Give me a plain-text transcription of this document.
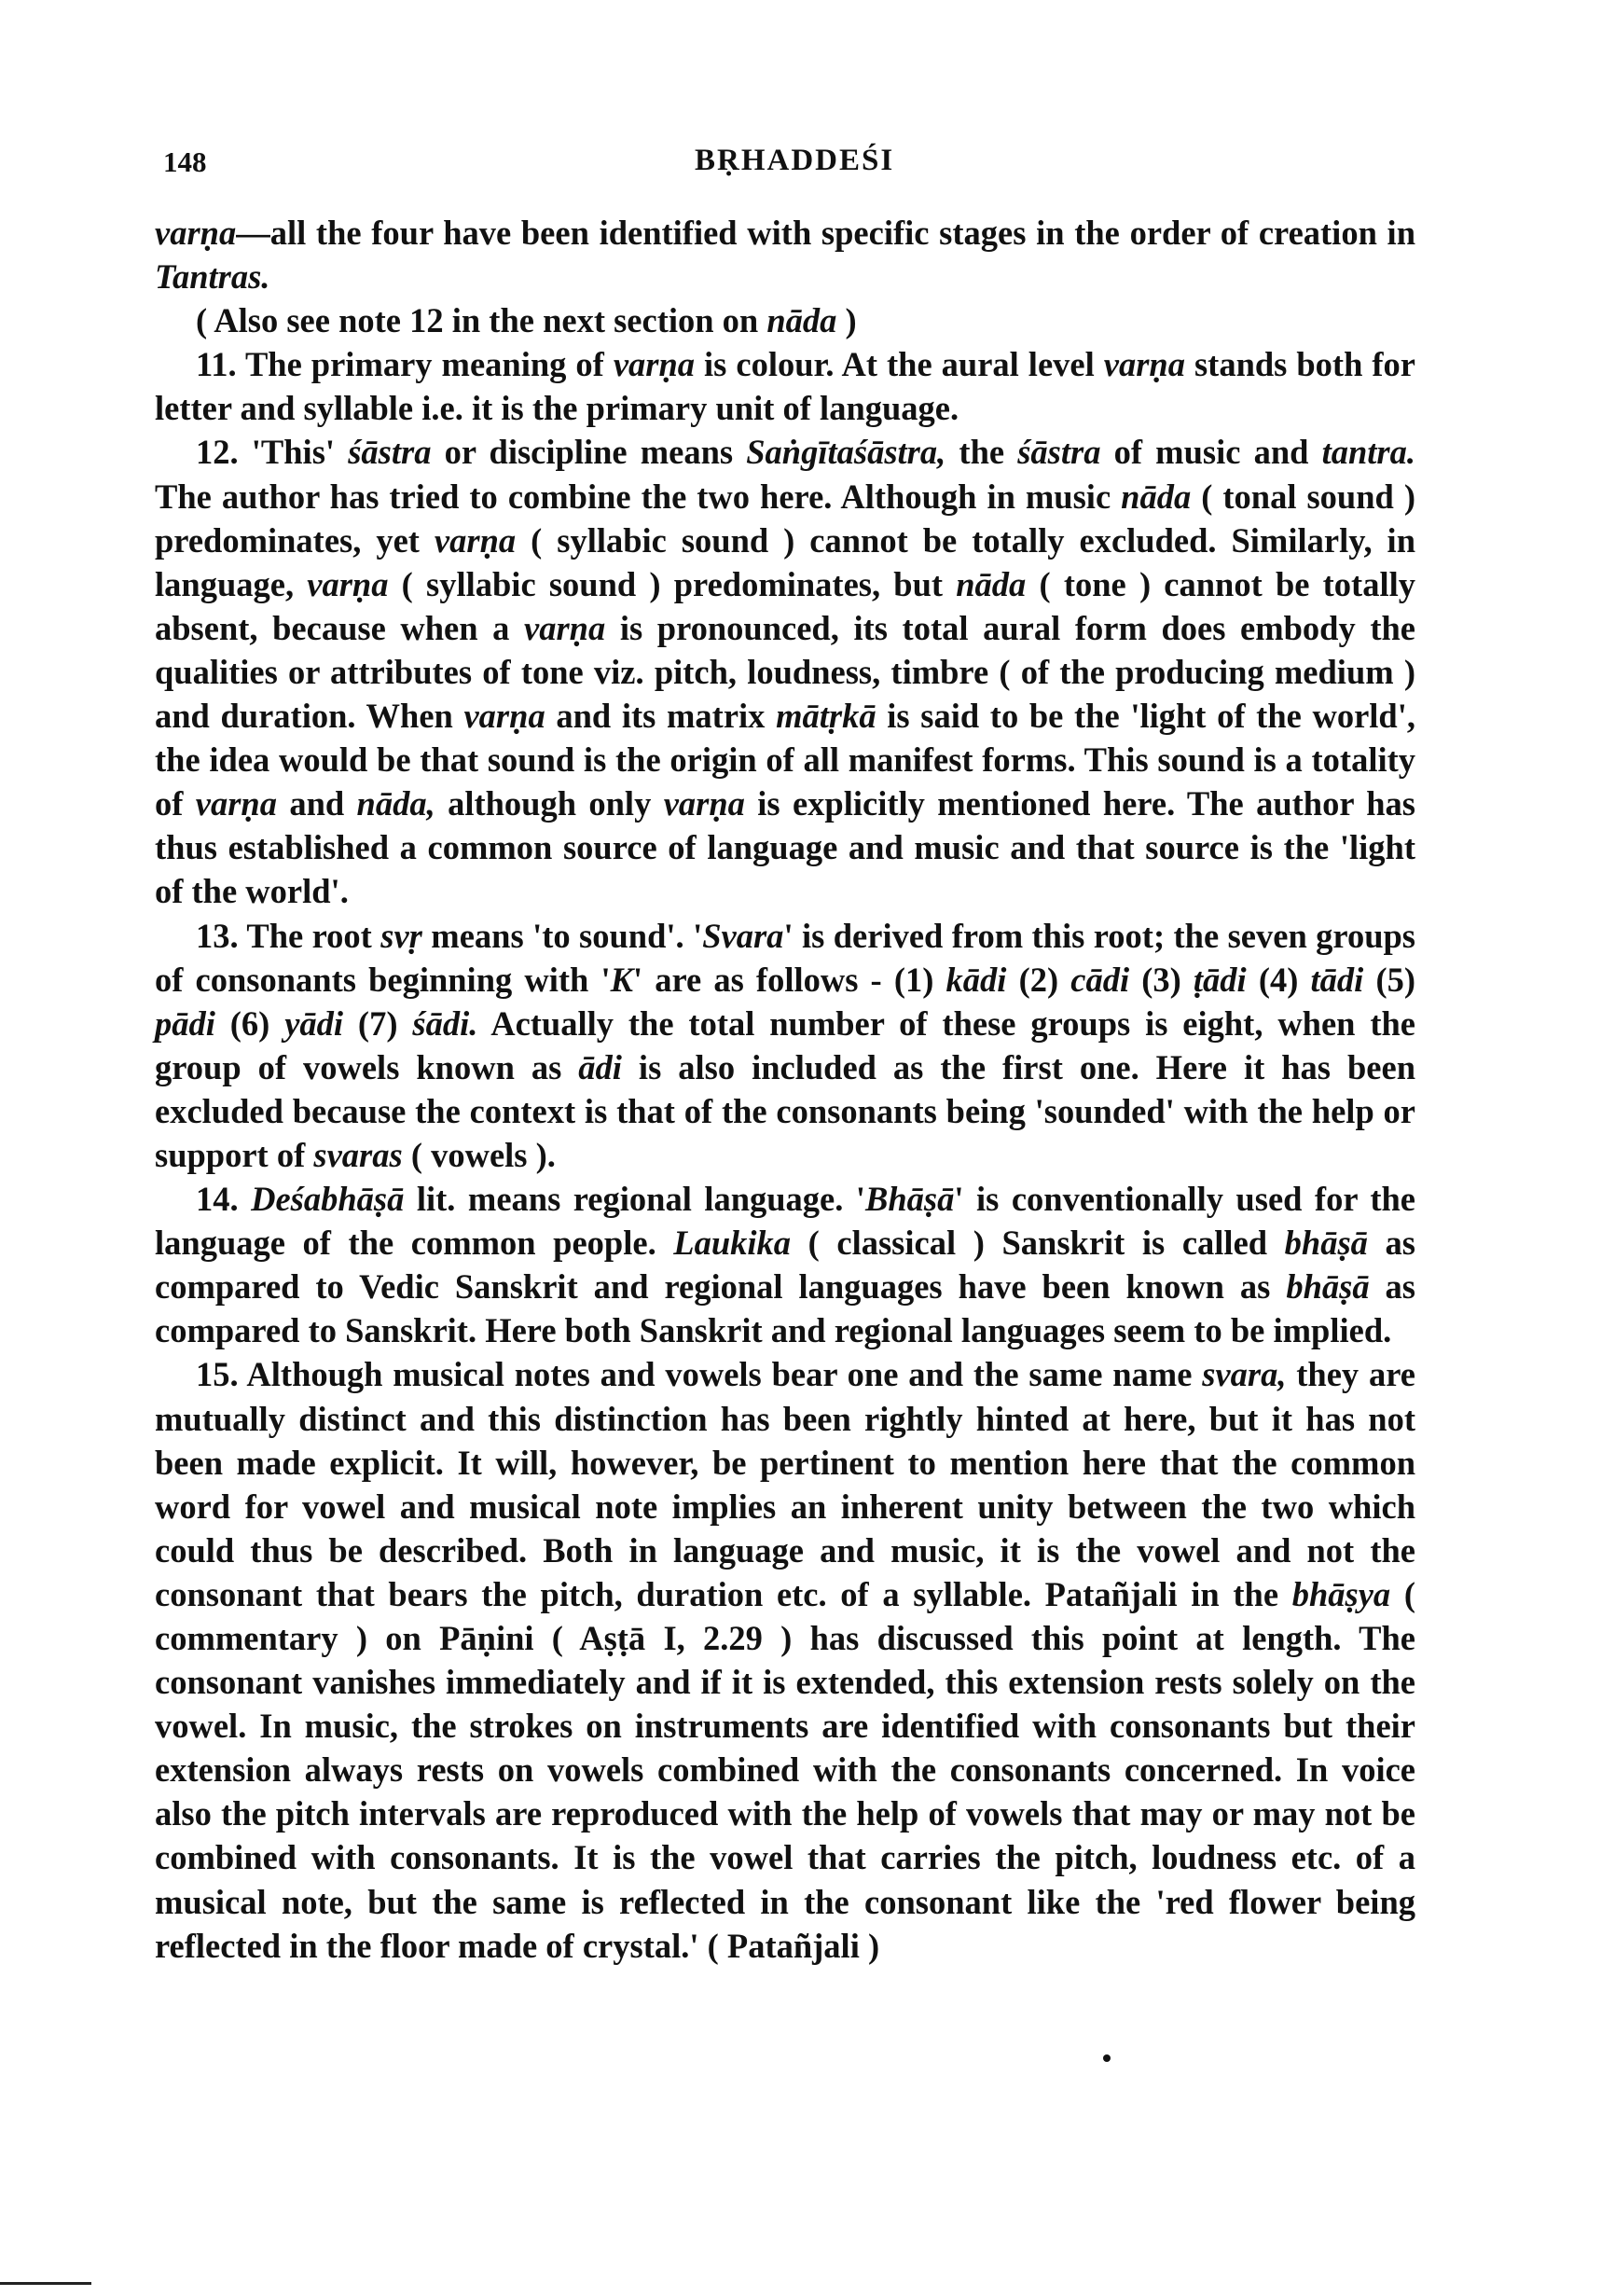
148	BṚHADDEŚI

varṇa—all the four have been identified with specific stages in the order of creation in Tantras.

( Also see note 12 in the next section on nāda )

11. The primary meaning of varṇa is colour. At the aural level varṇa stands both for letter and syllable i.e. it is the primary unit of language.

12. 'This' śāstra or discipline means Saṅgītaśāstra, the śāstra of music and tantra. The author has tried to combine the two here. Although in music nāda ( tonal sound ) predominates, yet varṇa ( syllabic sound ) cannot be totally excluded. Similarly, in language, varṇa ( syllabic sound ) predominates, but nāda ( tone ) cannot be totally absent, because when a varṇa is pronounced, its total aural form does embody the qualities or attributes of tone viz. pitch, loudness, timbre ( of the producing medium ) and duration. When varṇa and its matrix mātṛkā is said to be the 'light of the world', the idea would be that sound is the origin of all manifest forms. This sound is a totality of varṇa and nāda, although only varṇa is explicitly mentioned here. The author has thus established a common source of language and music and that source is the 'light of the world'.

13. The root svṛ means 'to sound'. 'Svara' is derived from this root; the seven groups of consonants beginning with 'K' are as follows - (1) kādi (2) cādi (3) ṭādi (4) tādi (5) pādi (6) yādi (7) śādi. Actually the total number of these groups is eight, when the group of vowels known as ādi is also included as the first one. Here it has been excluded because the context is that of the consonants being 'sounded' with the help or support of svaras ( vowels ).

14. Deśabhāṣā lit. means regional language. 'Bhāṣā' is conventionally used for the language of the common people. Laukika ( classical ) Sanskrit is called bhāṣā as compared to Vedic Sanskrit and regional languages have been known as bhāṣā as compared to Sanskrit. Here both Sanskrit and regional languages seem to be implied.

15. Although musical notes and vowels bear one and the same name svara, they are mutually distinct and this distinction has been rightly hinted at here, but it has not been made explicit. It will, however, be pertinent to mention here that the common word for vowel and musical note implies an inherent unity between the two which could thus be described. Both in language and music, it is the vowel and not the consonant that bears the pitch, duration etc. of a syllable. Patañjali in the bhāṣya ( commentary ) on Pāṇini ( Aṣṭā I, 2.29 ) has discussed this point at length. The consonant vanishes immediately and if it is extended, this extension rests solely on the vowel. In music, the strokes on instruments are identified with consonants but their extension always rests on vowels combined with the consonants concerned. In voice also the pitch intervals are reproduced with the help of vowels that may or may not be combined with consonants. It is the vowel that carries the pitch, loudness etc. of a musical note, but the same is reflected in the consonant like the 'red flower being reflected in the floor made of crystal.' ( Patañjali )
